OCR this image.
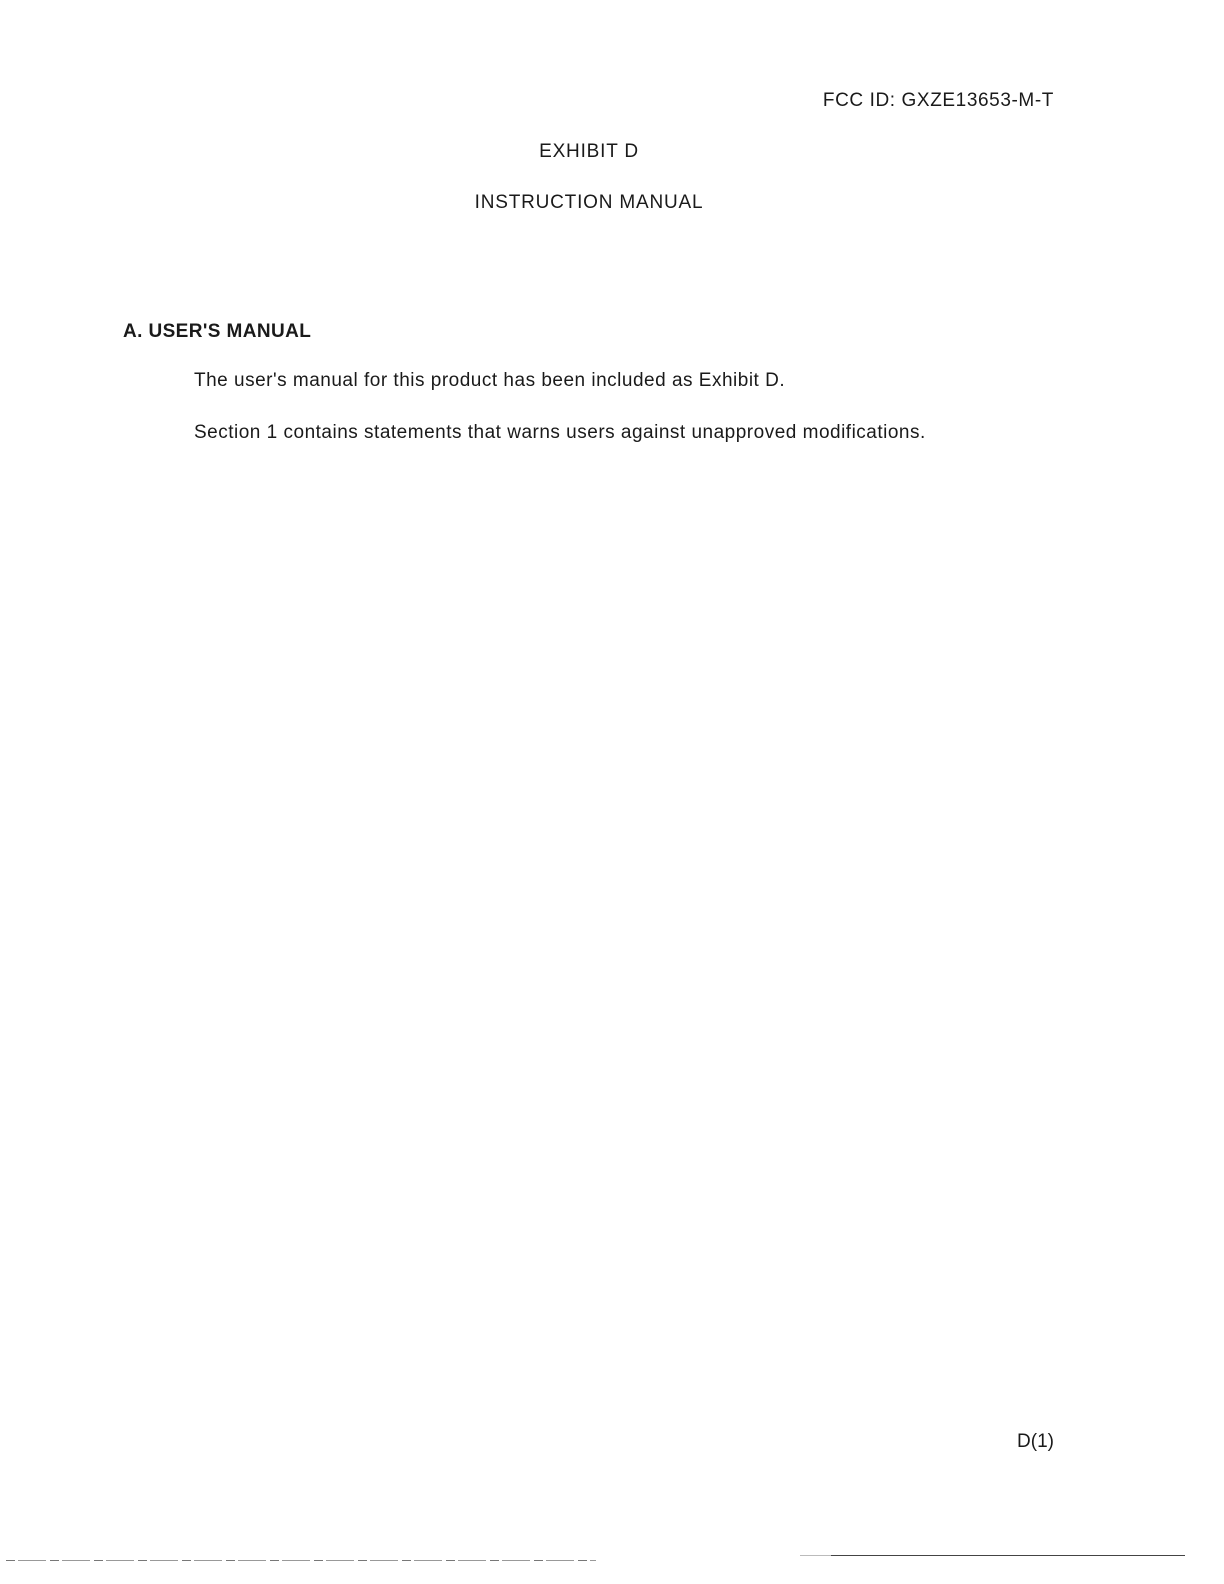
FCC ID: GXZE13653-M-T
EXHIBIT D
INSTRUCTION MANUAL
A. USER'S MANUAL
The user's manual for this product has been included as Exhibit D.
Section 1 contains statements that warns users against unapproved modifications.
D(1)
